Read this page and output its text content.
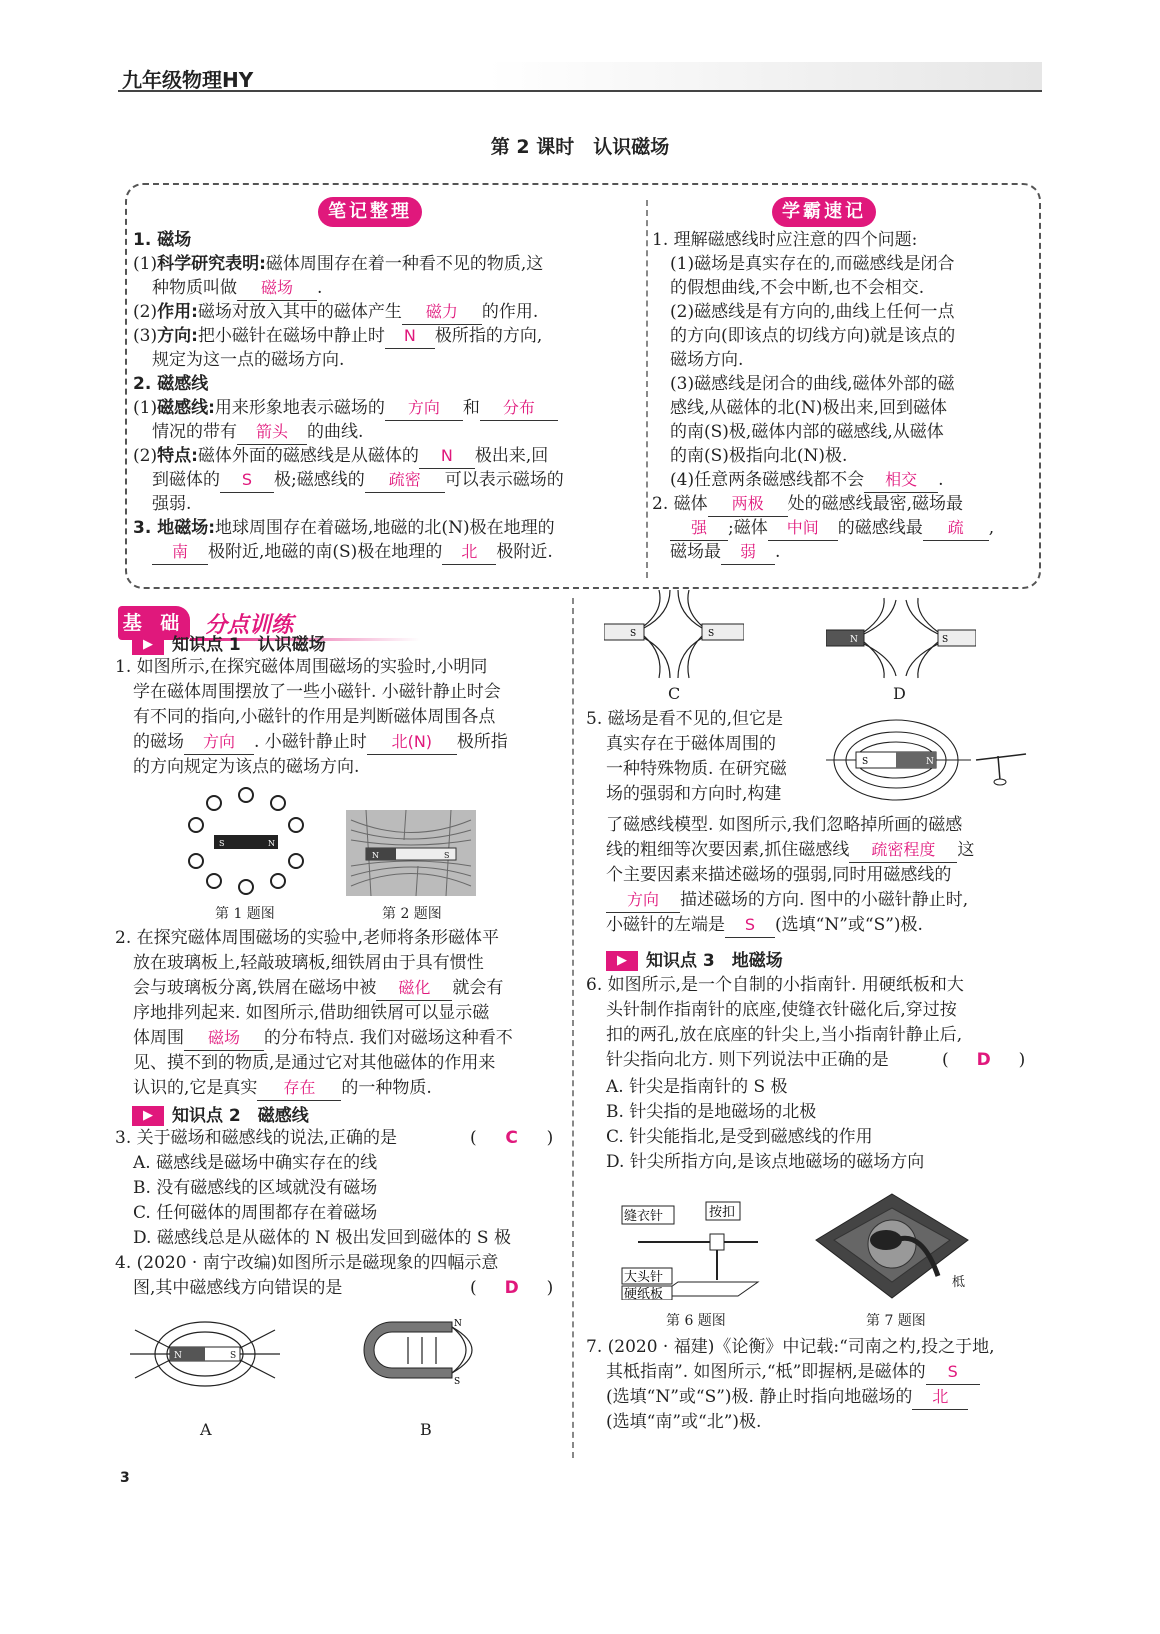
九年级物理HY
第 2 课时　认识磁场
笔记整理	学霸速记
1. 磁场
(1)科学研究表明:磁体周围存在着一种看不见的物质,这
种物质叫做 磁场 .
(2)作用:磁场对放入其中的磁体产生 磁力 的作用.
(3)方向:把小磁针在磁场中静止时 N 极所指的方向,
规定为这一点的磁场方向.
2. 磁感线
(1)磁感线:用来形象地表示磁场的 方向 和 分布
情况的带有 箭头 的曲线.
(2)特点:磁体外面的磁感线是从磁体的 N 极出来,回
到磁体的 S 极;磁感线的 疏密 可以表示磁场的
强弱.
3. 地磁场:地球周围存在着磁场,地磁的北(N)极在地理的
南 极附近,地磁的南(S)极在地理的 北 极附近.
1. 理解磁感线时应注意的四个问题:
(1)磁场是真实存在的,而磁感线是闭合
的假想曲线,不会中断,也不会相交.
(2)磁感线是有方向的,曲线上任何一点
的方向(即该点的切线方向)就是该点的
磁场方向.
(3)磁感线是闭合的曲线,磁体外部的磁
感线,从磁体的北(N)极出来,回到磁体
的南(S)极,磁体内部的磁感线,从磁体
的南(S)极指向北(N)极.
(4)任意两条磁感线都不会 相交 .
2. 磁体 两极 处的磁感线最密,磁场最
强 ;磁体 中间 的磁感线最 疏 ,
磁场最 弱 .
基 础 分点训练
▶ 知识点 1　认识磁场
1. 如图所示,在探究磁体周围磁场的实验时,小明同
学在磁体周围摆放了一些小磁针. 小磁针静止时会
有不同的指向,小磁针的作用是判断磁体周围各点
的磁场 方向 . 小磁针静止时 北(N) 极所指
的方向规定为该点的磁场方向.
S	N
第 1 题图
N	S
第 2 题图
2. 在探究磁体周围磁场的实验中,老师将条形磁体平
放在玻璃板上,轻敲玻璃板,细铁屑由于具有惯性
会与玻璃板分离,铁屑在磁场中被 磁化 就会有
序地排列起来. 如图所示,借助细铁屑可以显示磁
体周围 磁场 的分布特点. 我们对磁场这种看不
见、摸不到的物质,是通过它对其他磁体的作用来
认识的,它是真实 存在 的一种物质.
▶ 知识点 2　磁感线
3. 关于磁场和磁感线的说法,正确的是	( C )
A. 磁感线是磁场中确实存在的线
B. 没有磁感线的区域就没有磁场
C. 任何磁体的周围都存在着磁场
D. 磁感线总是从磁体的 N 极出发回到磁体的 S 极
4. (2020 · 南宁改编)如图所示是磁现象的四幅示意
图,其中磁感线方向错误的是	( D )
N	S
A
N
S
B
S	S
C
N	S
D
5. 磁场是看不见的,但它是
真实存在于磁体周围的
一种特殊物质. 在研究磁
场的强弱和方向时,构建
了磁感线模型. 如图所示,我们忽略掉所画的磁感
线的粗细等次要因素,抓住磁感线 疏密程度 这
个主要因素来描述磁场的强弱,同时用磁感线的
方向 描述磁场的方向. 图中的小磁针静止时,
小磁针的左端是 S (选填“N”或“S”)极.
S	N
▶ 知识点 3　地磁场
6. 如图所示,是一个自制的小指南针. 用硬纸板和大
头针制作指南针的底座,使缝衣针磁化后,穿过按
扣的两孔,放在底座的针尖上,当小指南针静止后,
针尖指向北方. 则下列说法中正确的是	( D )
A. 针尖是指南针的 S 极
B. 针尖指的是地磁场的北极
C. 针尖能指北,是受到磁感线的作用
D. 针尖所指方向,是该点地磁场的磁场方向
缝衣针	按扣
大头针
硬纸板
第 6 题图
柢
第 7 题图
7. (2020 · 福建)《论衡》中记载:“司南之杓,投之于地,
其柢指南”. 如图所示,“柢”即握柄,是磁体的 S
(选填“N”或“S”)极. 静止时指向地磁场的 北
(选填“南”或“北”)极.
3
